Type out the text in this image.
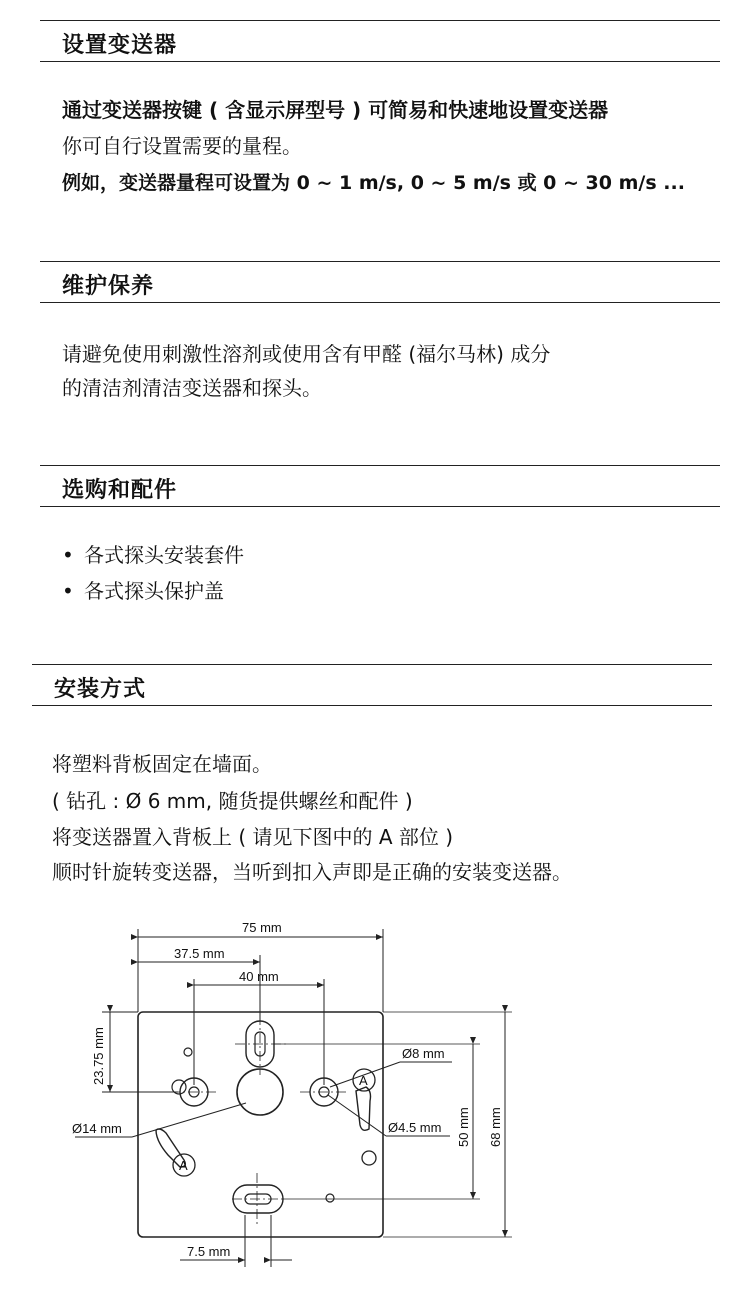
设置变送器
通过变送器按键 ( 含显示屏型号 ) 可简易和快速地设置变送器
你可自行设置需要的量程。
例如，变送器量程可设置为 0 ~ 1 m/s, 0 ~ 5 m/s 或 0 ~ 30 m/s ...
维护保养
请避免使用刺激性溶剂或使用含有甲醛 (福尔马林) 成分
的清洁剂清洁变送器和探头。
选购和配件
• 各式探头安装套件
• 各式探头保护盖
安装方式
将塑料背板固定在墙面。
( 钻孔 : Ø 6 mm, 随货提供螺丝和配件 )
将变送器置入背板上 ( 请见下图中的 A 部位 )
顺时针旋转变送器，当听到扣入声即是正确的安装变送器。
75 mm
37.5 mm
40 mm
23.75 mm	Ø8 mm
Ø14 mm	Ø4.5 mm 50 mm 68 mm
7.5 mm
A
A
